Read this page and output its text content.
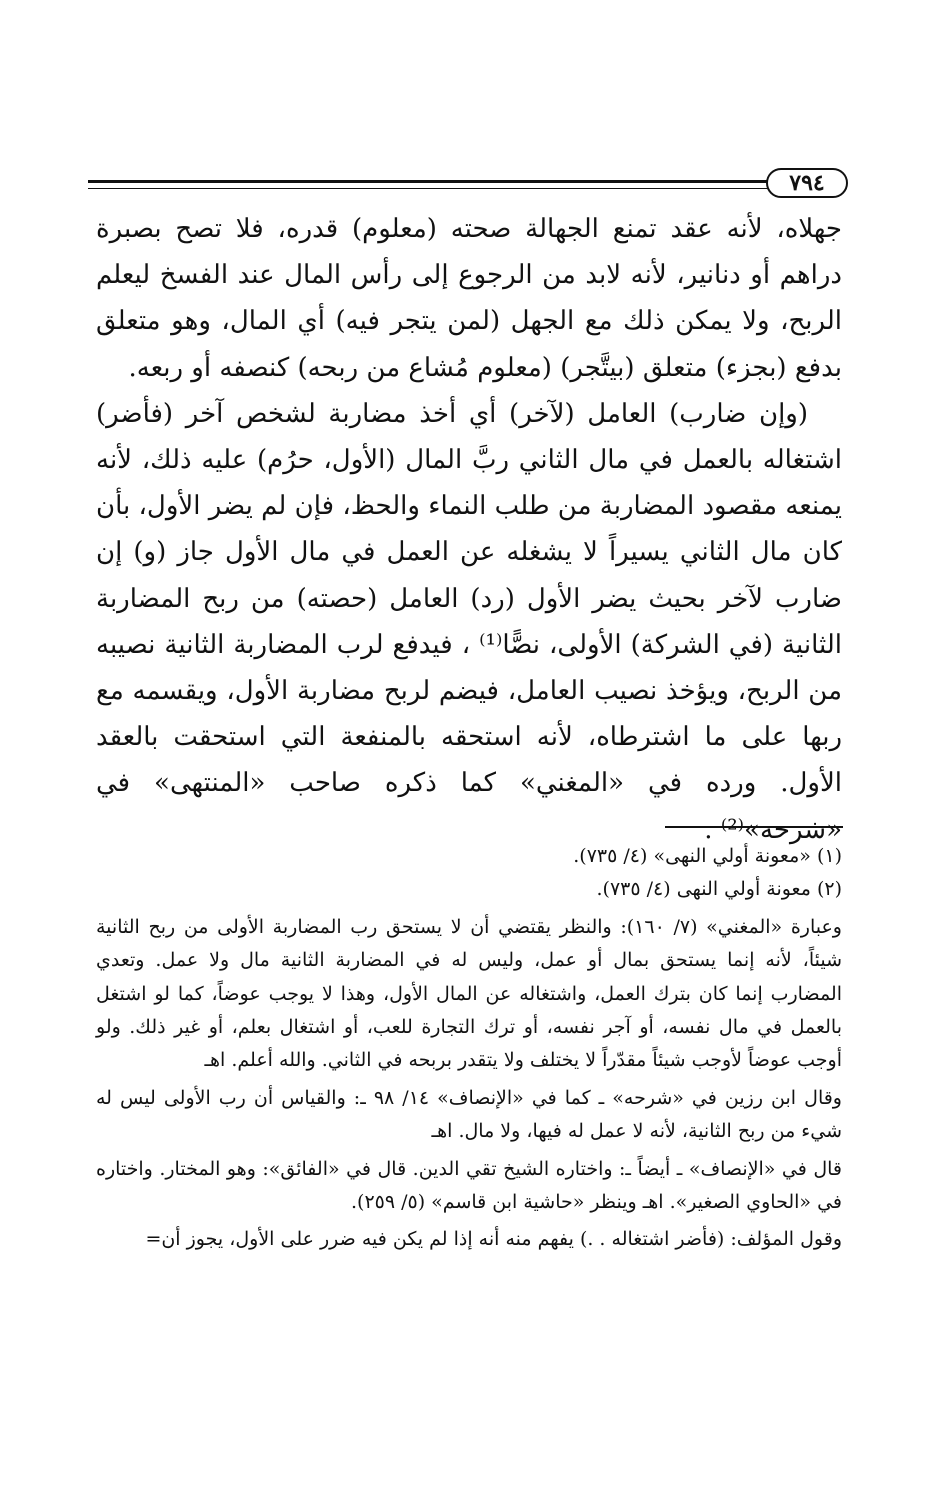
٧٩٤

جهلاه، لأنه عقد تمنع الجهالة صحته (معلوم) قدره، فلا تصح بصبرة دراهم أو دنانير، لأنه لابد من الرجوع إلى رأس المال عند الفسخ ليعلم الربح، ولا يمكن ذلك مع الجهل (لمن يتجر فيه) أي المال، وهو متعلق بدفع (بجزء) متعلق (بيتَّجر) (معلوم مُشاع من ربحه) كنصفه أو ربعه.

(وإن ضارب) العامل (لآخر) أي أخذ مضاربة لشخص آخر (فأضر) اشتغاله بالعمل في مال الثاني ربَّ المال (الأول، حرُم) عليه ذلك، لأنه يمنعه مقصود المضاربة من طلب النماء والحظ، فإن لم يضر الأول، بأن كان مال الثاني يسيراً لا يشغله عن العمل في مال الأول جاز (و) إن ضارب لآخر بحيث يضر الأول (رد) العامل (حصته) من ربح المضاربة الثانية (في الشركة) الأولى، نصًّا⁽¹⁾ ، فيدفع لرب المضاربة الثانية نصيبه من الربح، ويؤخذ نصيب العامل، فيضم لربح مضاربة الأول، ويقسمه مع ربها على ما اشترطاه، لأنه استحقه بالمنفعة التي استحقت بالعقد الأول. ورده في «المغني» كما ذكره صاحب «المنتهى» في «شرحه»⁽²⁾ .

(١) «معونة أولي النهى» (٤/ ٧٣٥).

(٢) معونة أولي النهى (٤/ ٧٣٥).

وعبارة «المغني» (٧/ ١٦٠): والنظر يقتضي أن لا يستحق رب المضاربة الأولى من ربح الثانية شيئاً، لأنه إنما يستحق بمال أو عمل، وليس له في المضاربة الثانية مال ولا عمل. وتعدي المضارب إنما كان بترك العمل، واشتغاله عن المال الأول، وهذا لا يوجب عوضاً، كما لو اشتغل بالعمل في مال نفسه، أو آجر نفسه، أو ترك التجارة للعب، أو اشتغال بعلم، أو غير ذلك. ولو أوجب عوضاً لأوجب شيئاً مقدّراً لا يختلف ولا يتقدر بربحه في الثاني. والله أعلم. اهـ

وقال ابن رزين في «شرحه» ـ كما في «الإنصاف» ١٤/ ٩٨ ـ: والقياس أن رب الأولى ليس له شيء من ربح الثانية، لأنه لا عمل له فيها، ولا مال. اهـ

قال في «الإنصاف» ـ أيضاً ـ: واختاره الشيخ تقي الدين. قال في «الفائق»: وهو المختار. واختاره في «الحاوي الصغير». اهـ وينظر «حاشية ابن قاسم» (٥/ ٢٥٩).

وقول المؤلف: (فأضر اشتغاله . .) يفهم منه أنه إذا لم يكن فيه ضرر على الأول، يجوز أن=
